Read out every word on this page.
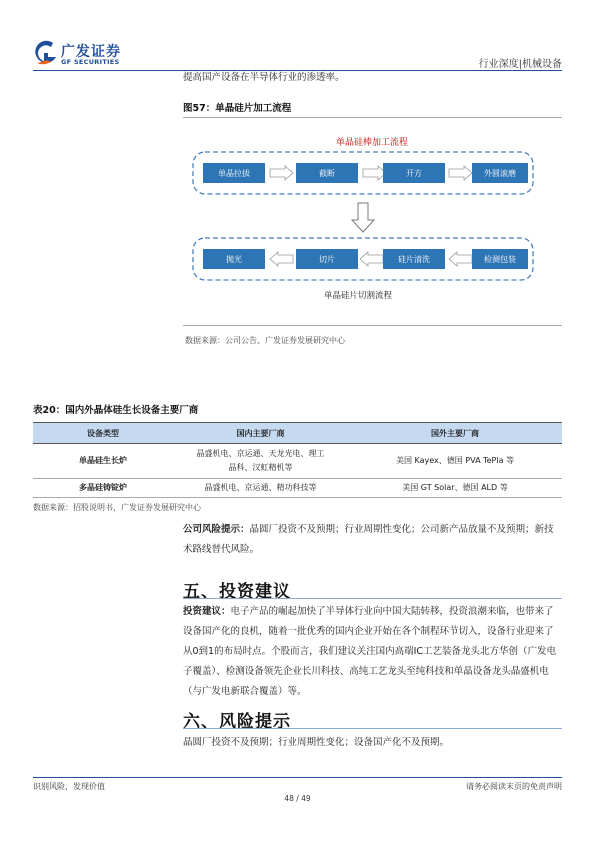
广发证券
GF SECURITIES	行业深度|机械设备
提高国产设备在半导体行业的渗透率。
图57：单晶硅片加工流程
单晶硅棒加工流程
单晶拉拔	截断	开方	外圆滚磨
抛光	切片	硅片清洗	检测包装
单晶硅片切割流程
数据来源：公司公告、广发证券发展研究中心
表20：国内外晶体硅生长设备主要厂商
设备类型	国内主要厂商	国外主要厂商
单晶硅生长炉	晶盛机电、京运通、天龙光电、理工晶科、汉虹精机等	美国 Kayex、德国 PVA TePla 等
多晶硅铸锭炉	晶盛机电、京运通、精功科技等	美国 GT Solar、德国 ALD 等
数据来源：招股说明书，广发证券发展研究中心
公司风险提示：晶圆厂投资不及预期；行业周期性变化；公司新产品放量不及预期；新技术路线替代风险。
五、投资建议
投资建议：电子产品的崛起加快了半导体行业向中国大陆转移，投资浪潮来临，也带来了设备国产化的良机，随着一批优秀的国内企业开始在各个制程环节切入，设备行业迎来了从0到1的布局时点。个股而言，我们建议关注国内高端IC工艺装备龙头北方华创（广发电子覆盖）、检测设备领先企业长川科技、高纯工艺龙头至纯科技和单晶设备龙头晶盛机电（与广发电新联合覆盖）等。
六、风险提示
晶圆厂投资不及预期；行业周期性变化；设备国产化不及预期。
识别风险，发现价值	请务必阅读末页的免责声明
48 / 49
